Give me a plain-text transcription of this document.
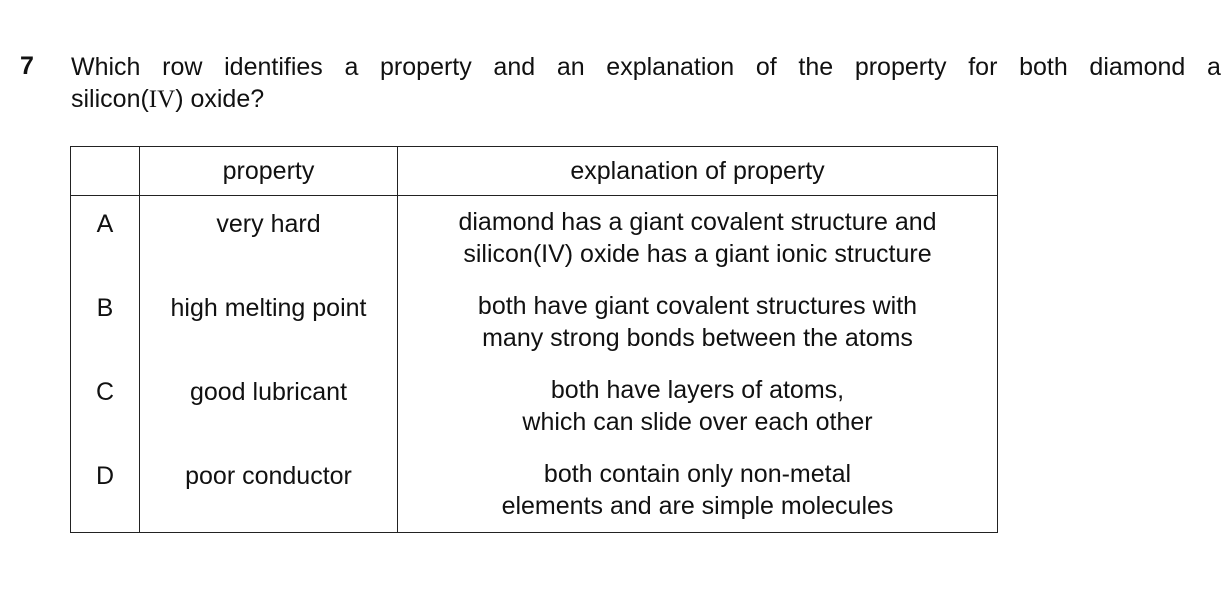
7 Which row identifies a property and an explanation of the property for both diamond a
silicon(IV) oxide?
	property	explanation of property
A	very hard	diamond has a giant covalent structure and
silicon(IV) oxide has a giant ionic structure

B	high melting point	both have giant covalent structures with
many strong bonds between the atoms

C	good lubricant	both have layers of atoms,
which can slide over each other

D	poor conductor	both contain only non-metal
elements and are simple molecules
